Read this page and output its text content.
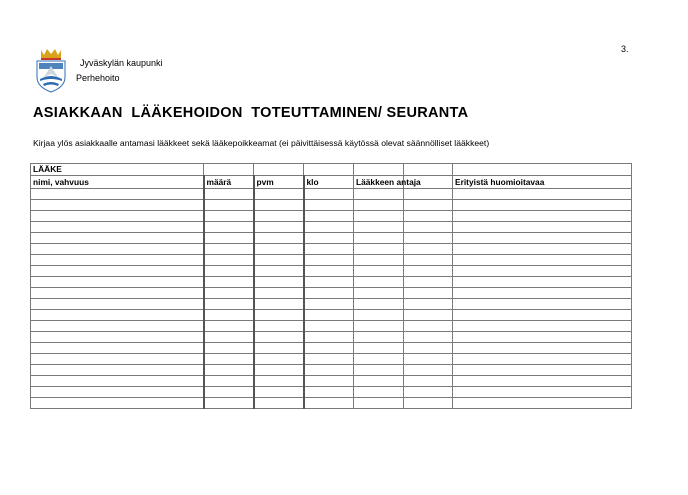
3.
Jyväskylän kaupunki
Perhehoito
ASIAKKAAN  LÄÄKEHOIDON  TOTEUTTAMINEN/ SEURANTA
Kirjaa ylös asiakkaalle antamasi lääkkeet sekä lääkepoikkeamat (ei päivittäisessä käytössä olevat säännölliset lääkkeet)
LÄÄKE						
nimi, vahvuus	määrä	pvm	klo	Lääkkeen antaja		Erityistä huomioitavaa
